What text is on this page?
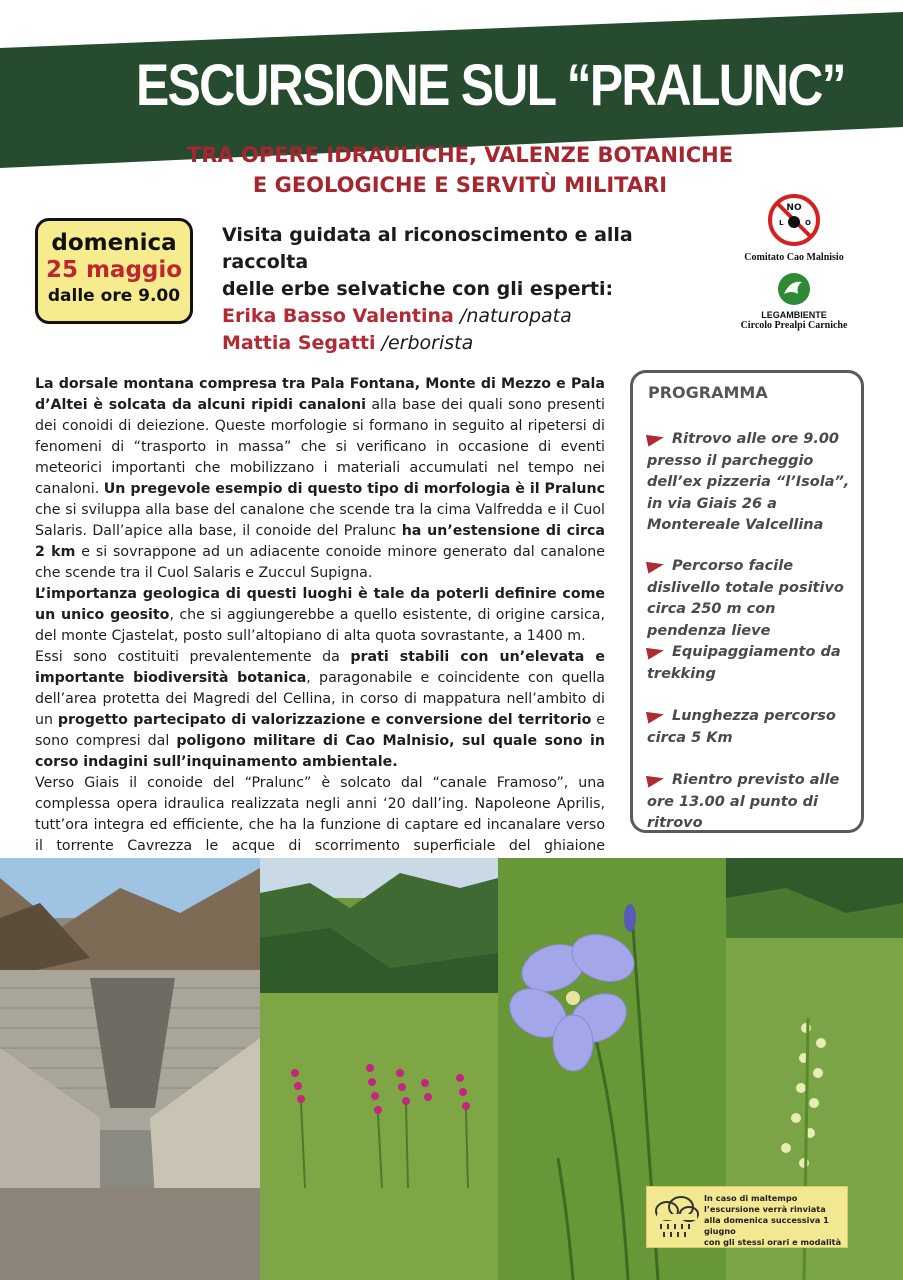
ESCURSIONE SUL “PRALUNC”
TRA OPERE IDRAULICHE, VALENZE BOTANICHE
E GEOLOGICHE E SERVITÙ MILITARI
domenica
25 maggio
dalle ore 9.00
Visita guidata al riconoscimento e alla raccolta
delle erbe selvatiche con gli esperti:
Erika Basso Valentina /naturopata
Mattia Segatti /erborista
NO
L	O
Comitato Cao Malnisio
LEGAMBIENTE
Circolo Prealpi Carniche

La dorsale montana compresa tra Pala Fontana, Monte di Mezzo e Pala d’Altei è solcata da alcuni ripidi canaloni alla base dei quali sono presenti dei conoidi di deiezione. Queste morfologie si formano in seguito al ripetersi di fenomeni di “trasporto in massa” che si verificano in occasione di eventi meteorici importanti che mobilizzano i materiali accumulati nel tempo nei canaloni. Un pregevole esempio di questo tipo di morfologia è il Pralunc che si sviluppa alla base del canalone che scende tra la cima Valfredda e il Cuol Salaris. Dall’apice alla base, il conoide del Pralunc ha un’estensione di circa 2 km e si sovrappone ad un adiacente conoide minore generato dal canalone che scende tra il Cuol Salaris e Zuccul Supigna.

L’importanza geologica di questi luoghi è tale da poterli definire come un unico geosito, che si aggiungerebbe a quello esistente, di origine carsica, del monte Cjastelat, posto sull’altopiano di alta quota sovrastante, a 1400 m.

Essi sono costituiti prevalentemente da prati stabili con un’elevata e importante biodiversità botanica, paragonabile e coincidente con quella dell’area protetta dei Magredi del Cellina, in corso di mappatura nell’ambito di un progetto partecipato di valorizzazione e conversione del territorio e sono compresi dal poligono militare di Cao Malnisio, sul quale sono in corso indagini sull’inquinamento ambientale.

Verso Giais il conoide del “Pralunc” è solcato dal “canale Framoso”, una complessa opera idraulica realizzata negli anni ‘20 dall’ing. Napoleone Aprilis, tutt’ora integra ed efficiente, che ha la funzione di captare ed incanalare verso il torrente Cavrezza le acque di scorrimento superficiale del ghiaione

PROGRAMMA
Ritrovo alle ore 9.00 presso il parcheggio dell’ex pizzeria “l’Isola”, in via Giais 26 a Montereale Valcellina
Percorso facile dislivello totale positivo circa 250 m con pendenza lieve
Equipaggiamento da trekking
Lunghezza percorso circa 5 Km
Rientro previsto alle ore 13.00 al punto di ritrovo
In caso di maltempo
l’escursione verrà rinviata
alla domenica successiva 1 giugno
con gli stessi orari e modalità
